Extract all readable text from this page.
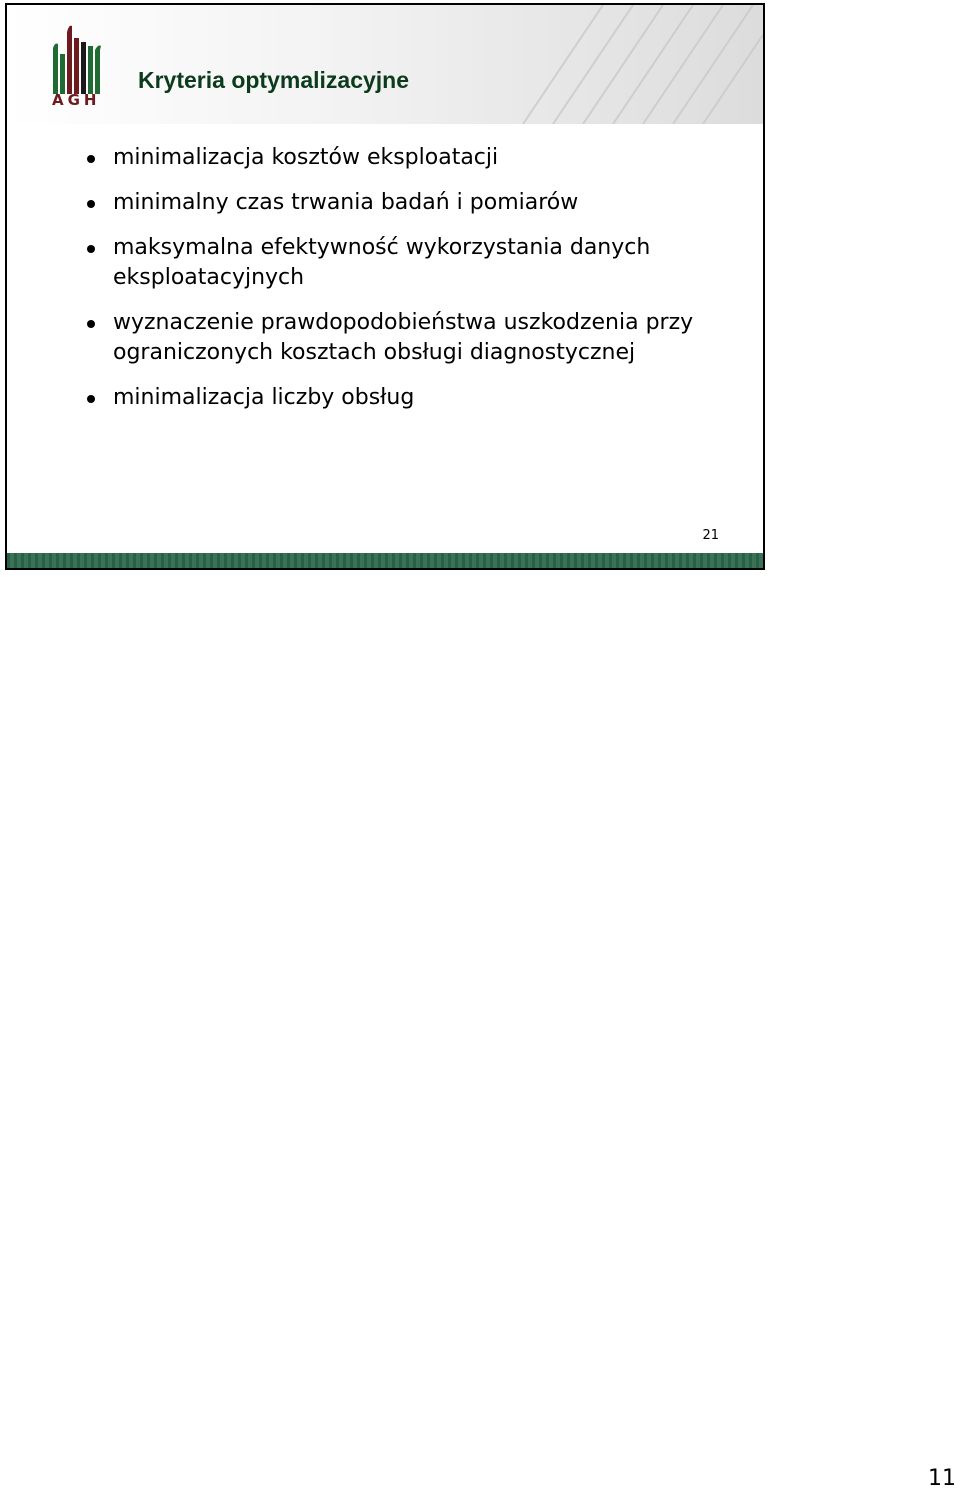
AGH
Kryteria optymalizacyjne
minimalizacja kosztów eksploatacji
minimalny czas trwania badań i pomiarów
maksymalna efektywność wykorzystania danych eksploatacyjnych
wyznaczenie prawdopodobieństwa uszkodzenia przy ograniczonych kosztach obsługi diagnostycznej
minimalizacja liczby obsług
21
11
